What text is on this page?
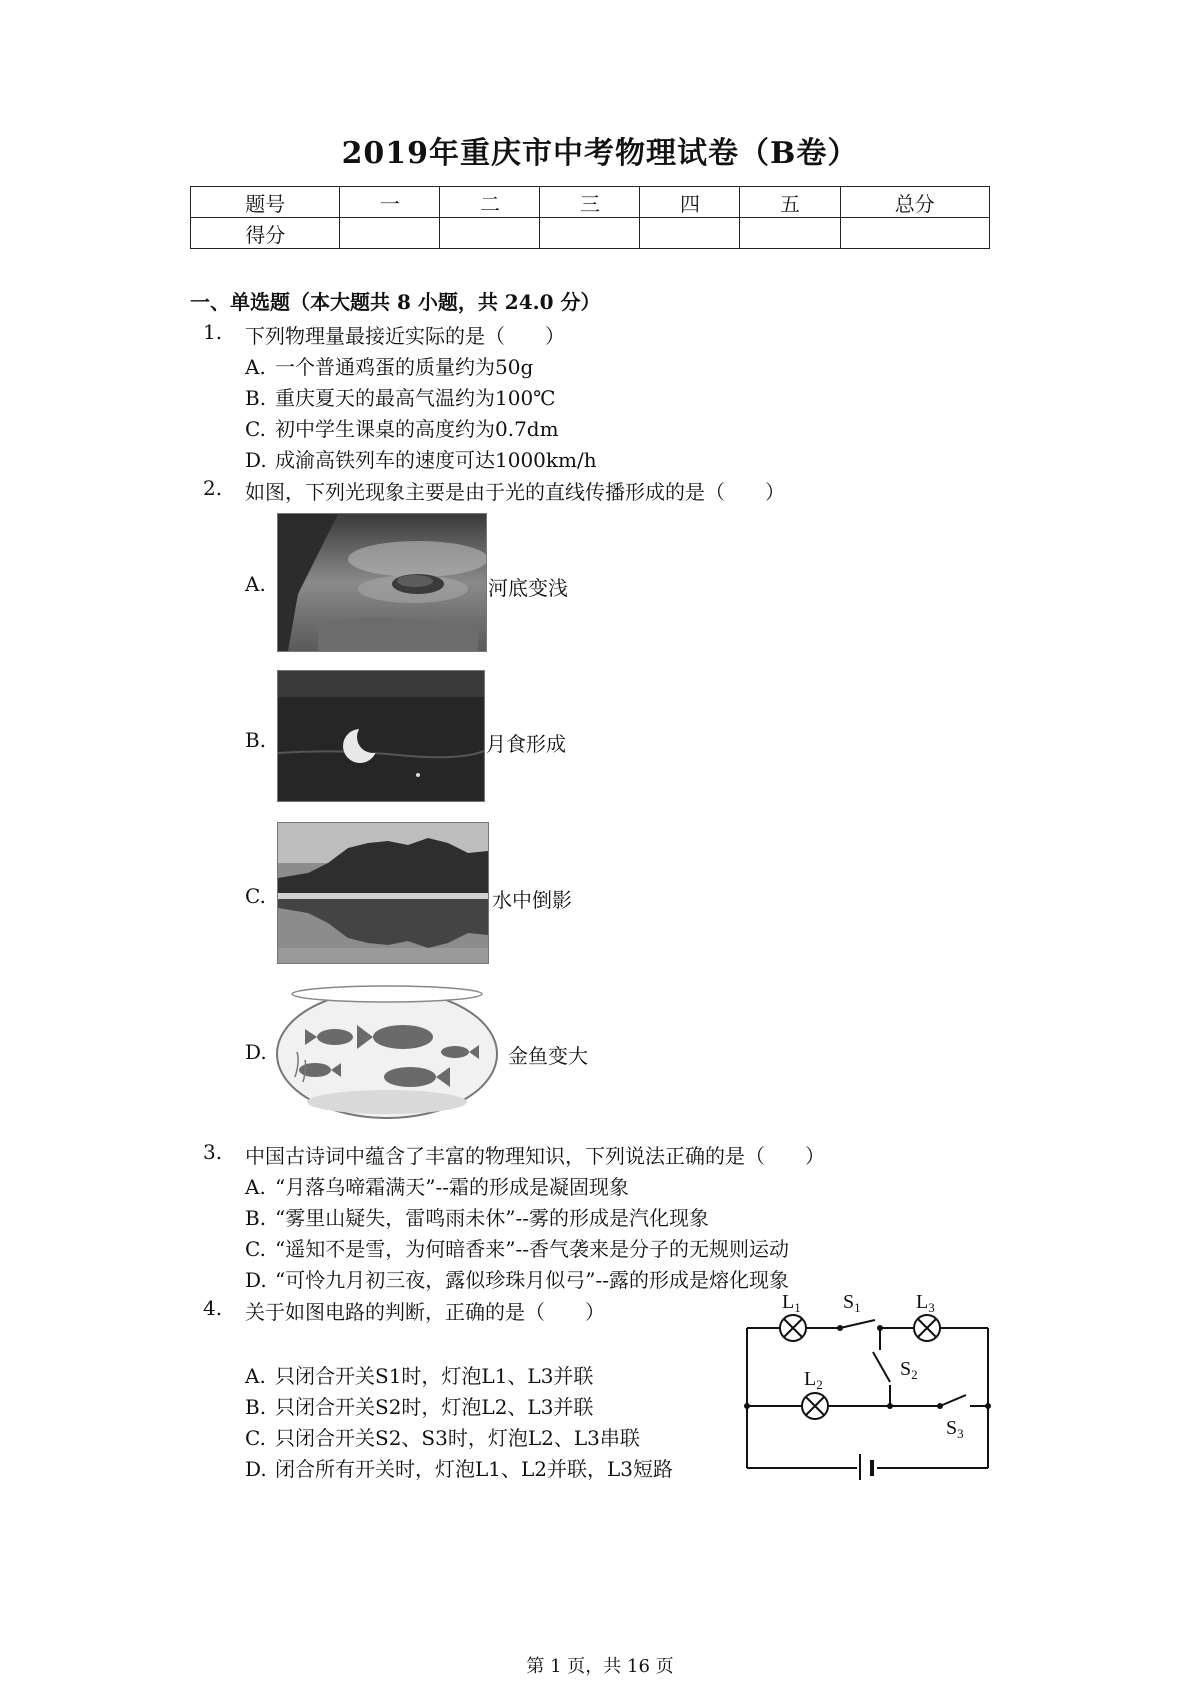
2019年重庆市中考物理试卷（B卷）
题号	一	二	三	四	五	总分
得分						
一、单选题（本大题共 8 小题，共 24.0 分）
1. 下列物理量最接近实际的是（　　）
A. 一个普通鸡蛋的质量约为50g
B. 重庆夏天的最高气温约为100℃
C. 初中学生课桌的高度约为0.7dm
D. 成渝高铁列车的速度可达1000km/h
2. 如图，下列光现象主要是由于光的直线传播形成的是（　　）
A.	河底变浅
B.	月食形成
C.	水中倒影
D.	金鱼变大
3. 中国古诗词中蕴含了丰富的物理知识，下列说法正确的是（　　）
A. “月落乌啼霜满天”--霜的形成是凝固现象
B. “雾里山疑失，雷鸣雨未休”--雾的形成是汽化现象
C. “遥知不是雪，为何暗香来”--香气袭来是分子的无规则运动
D. “可怜九月初三夜，露似珍珠月似弓”--露的形成是熔化现象
4. 关于如图电路的判断，正确的是（　　）
A. 只闭合开关S1时，灯泡L1、L3并联
B. 只闭合开关S2时，灯泡L2、L3并联
C. 只闭合开关S2、S3时，灯泡L2、L3串联
D. 闭合所有开关时，灯泡L1、L2并联，L3短路
$L_1$ $S_1$	$L_3$
$L_2$
$S_2$
$S_3$
第 1 页，共 16 页
